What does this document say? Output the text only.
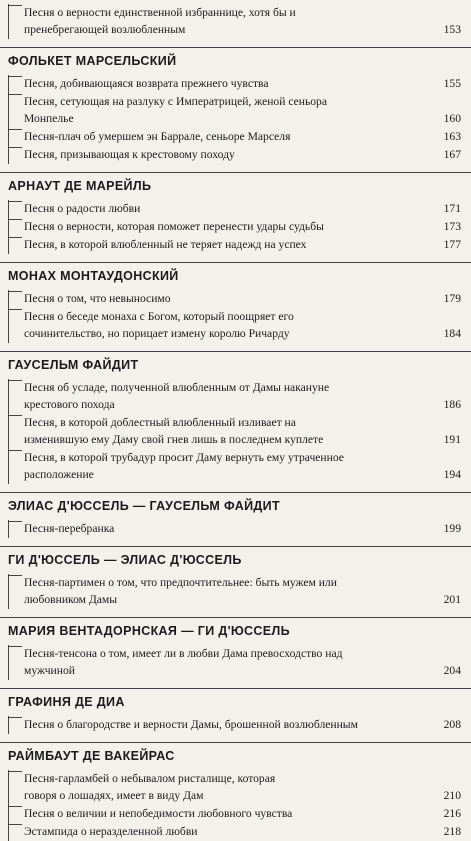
Песня о верности единственной избраннице, хотя бы и
пренебрегающей возлюбленным	153
ФОЛЬКЕТ МАРСЕЛЬСКИЙ
Песня, добивающаяся возврата прежнего чувства	155
Песня, сетующая на разлуку с Императрицей, женой сеньора
Монпелье	160
Песня-плач об умершем эн Баррале, сеньоре Марселя	163
Песня, призывающая к крестовому походу	167
АРНАУТ ДЕ МАРЕЙЛЬ
Песня о радости любви	171
Песня о верности, которая поможет перенести удары судьбы	173
Песня, в которой влюбленный не теряет надежд на успех	177
МОНАХ МОНТАУДОНСКИЙ
Песня о том, что невыносимо	179
Песня о беседе монаха с Богом, который поощряет его
сочинительство, но порицает измену королю Ричарду	184
ГАУСЕЛЬМ ФАЙДИТ
Песня об усладе, полученной влюбленным от Дамы накануне
крестового похода	186
Песня, в которой доблестный влюбленный изливает на
изменившую ему Даму свой гнев лишь в последнем куплете	191
Песня, в которой трубадур просит Даму вернуть ему утраченное
расположение	194
ЭЛИАС Д'ЮССЕЛЬ — ГАУСЕЛЬМ ФАЙДИТ
Песня-перебранка	199
ГИ Д'ЮССЕЛЬ — ЭЛИАС Д'ЮССЕЛЬ
Песня-партимен о том, что предпочтительнее: быть мужем или
любовником Дамы	201
МАРИЯ ВЕНТАДОРНСКАЯ — ГИ Д'ЮССЕЛЬ
Песня-тенсона о том, имеет ли в любви Дама превосходство над
мужчиной	204
ГРАФИНЯ ДЕ ДИА
Песня о благородстве и верности Дамы, брошенной возлюбленным	208
РАЙМБАУТ ДЕ ВАКЕЙРАС
Песня-гарламбей о небывалом ристалище, которая
говоря о лошадях, имеет в виду Дам	210
Песня о величии и непобедимости любовного чувства	216
Эстампида о неразделенной любви	218
